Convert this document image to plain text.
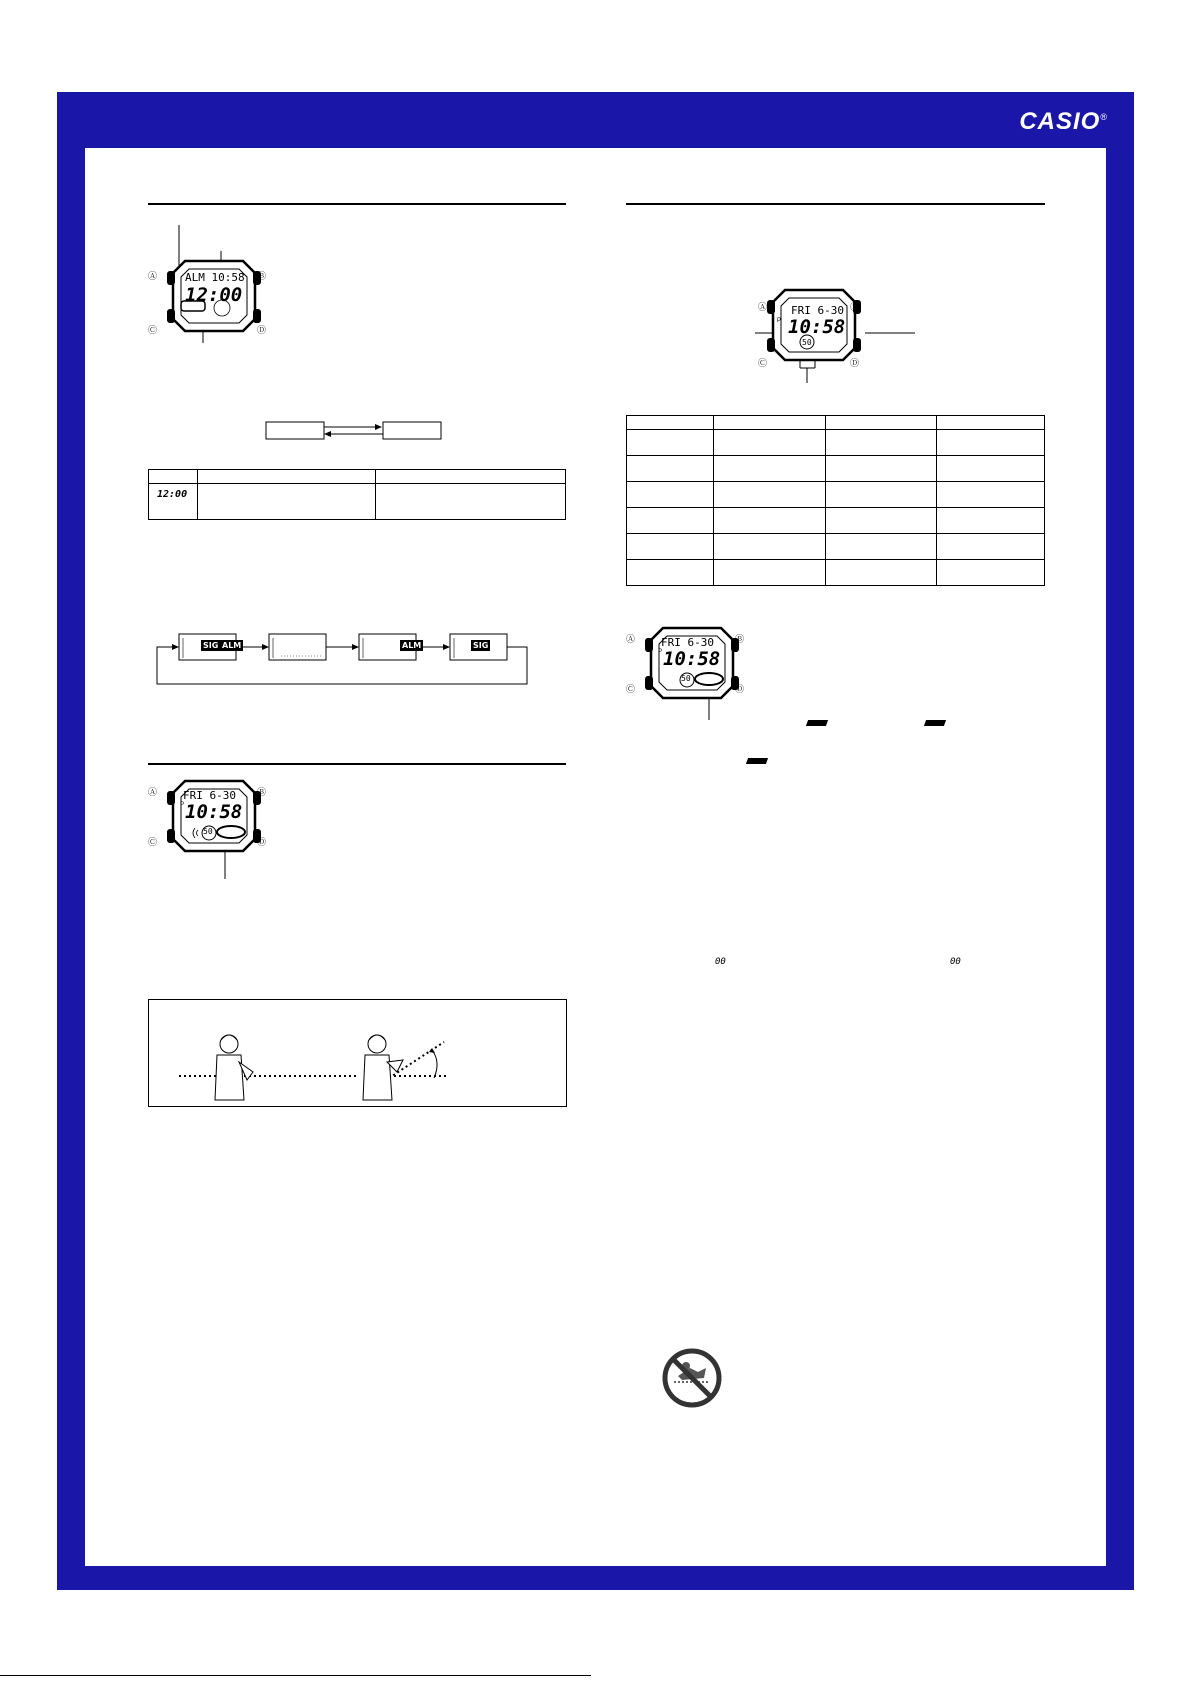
CASIO®
Ⓐ	Ⓑ
Ⓒ	Ⓓ
ALM 10:58
12:00

12:00		
SIG ALM	ALM	SIG
Ⓐ	Ⓑ
Ⓒ	Ⓓ
FRI 6-30
P 10:58
50
Ⓐ	Ⓑ
Ⓒ	Ⓓ
FRI 6-30
P 10:58
50

Ⓐ	Ⓑ
Ⓒ	Ⓓ
FRI 6-30
P 10:58
50
00	00
